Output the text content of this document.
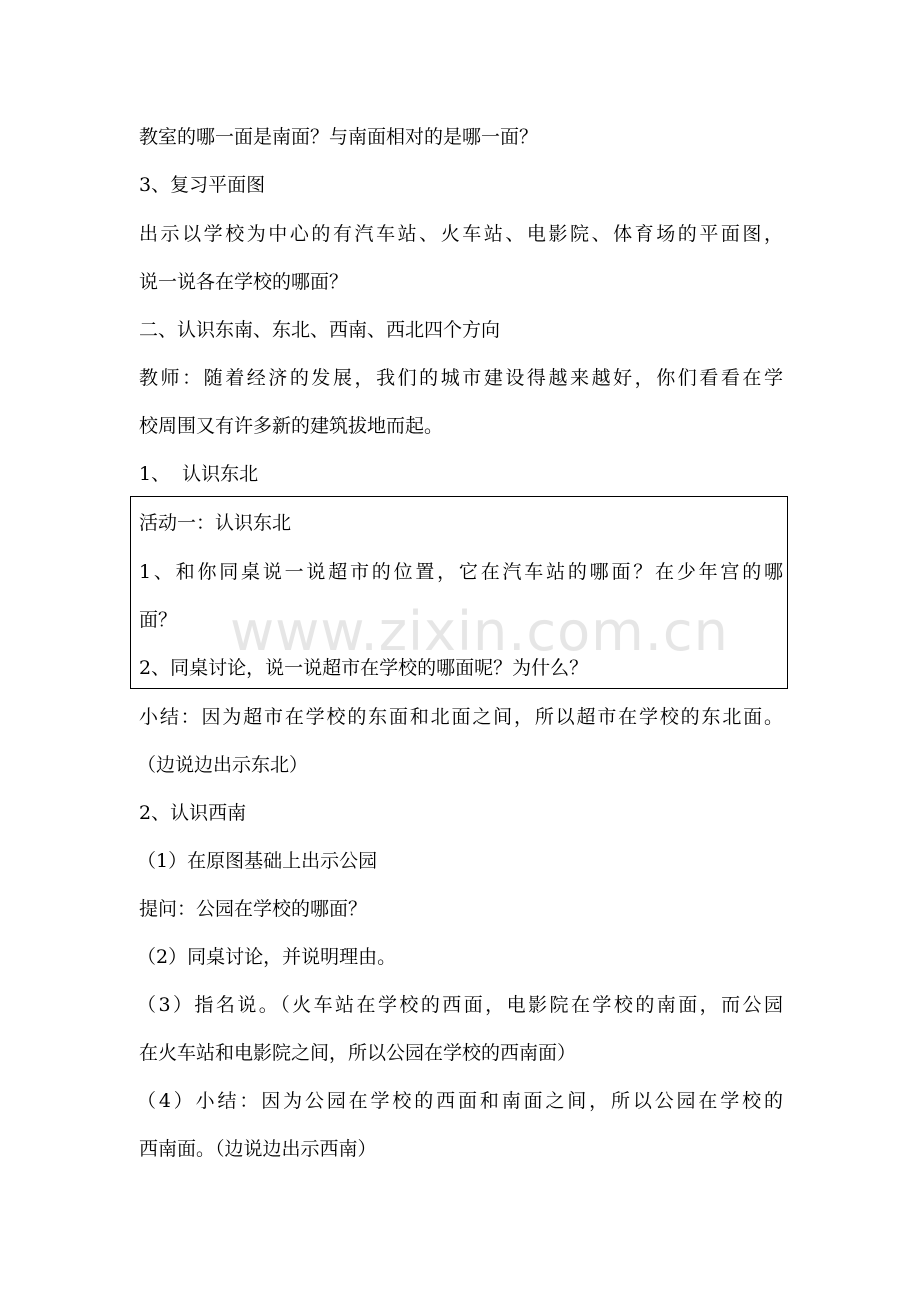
教室的哪一面是南面？与南面相对的是哪一面？
3、复习平面图
出示以学校为中心的有汽车站、火车站、电影院、体育场的平面图，
说一说各在学校的哪面？
二、认识东南、东北、西南、西北四个方向
教师：随着经济的发展，我们的城市建设得越来越好，你们看看在学
校周围又有许多新的建筑拔地而起。
1、  认识东北
活动一：认识东北
1、和你同桌说一说超市的位置，它在汽车站的哪面？在少年宫的哪
面？
2、同桌讨论，说一说超市在学校的哪面呢？为什么？
小结：因为超市在学校的东面和北面之间，所以超市在学校的东北面。
（边说边出示东北）
2、认识西南
（1）在原图基础上出示公园
提问：公园在学校的哪面？
（2）同桌讨论，并说明理由。
（3）指名说。（火车站在学校的西面，电影院在学校的南面，而公园
在火车站和电影院之间，所以公园在学校的西南面）
（4）小结：因为公园在学校的西面和南面之间，所以公园在学校的
西南面。（边说边出示西南）
www.zixin.com.cn
